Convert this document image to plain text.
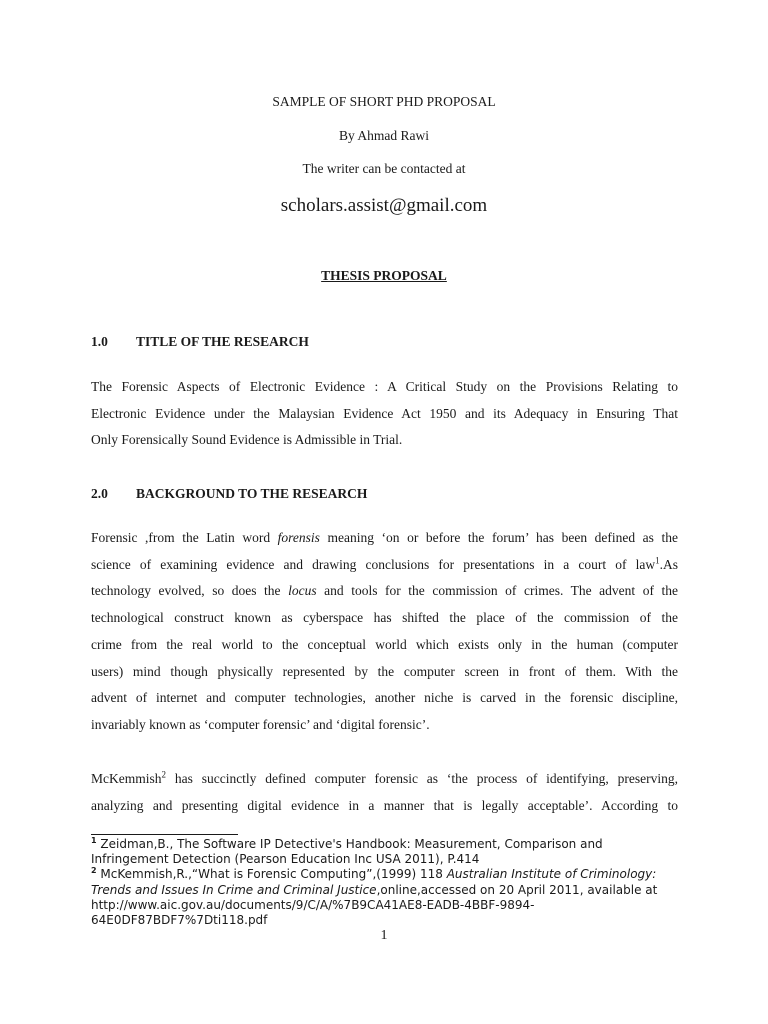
SAMPLE OF SHORT PHD PROPOSAL
By Ahmad Rawi
The writer can be contacted at
scholars.assist@gmail.com
THESIS PROPOSAL
1.0 TITLE OF THE RESEARCH
The Forensic Aspects of Electronic Evidence : A Critical Study on the Provisions Relating to
Electronic Evidence under the Malaysian Evidence Act 1950 and its Adequacy in Ensuring That
Only Forensically Sound Evidence is Admissible in Trial.
2.0 BACKGROUND TO THE RESEARCH
Forensic ,from the Latin word forensis meaning ‘on or before the forum’ has been defined as the
science of examining evidence and drawing conclusions for presentations in a court of law$^1$.As
technology evolved, so does the locus and tools for the commission of crimes. The advent of the
technological construct known as cyberspace has shifted the place of the commission of the
crime from the real world to the conceptual world which exists only in the human (computer
users) mind though physically represented by the computer screen in front of them. With the
advent of internet and computer technologies, another niche is carved in the forensic discipline,
invariably known as ‘computer forensic’ and ‘digital forensic’.
McKemmish$^2$ has succinctly defined computer forensic as ‘the process of identifying, preserving,
analyzing and presenting digital evidence in a manner that is legally acceptable’. According to
$^1$ Zeidman,B., The Software IP Detective's Handbook: Measurement, Comparison and Infringement Detection (Pearson Education Inc USA 2011), P.414
$^2$ McKemmish,R.,“What is Forensic Computing”,(1999) 118 Australian Institute of Criminology: Trends and Issues In Crime and Criminal Justice,online,accessed on 20 April 2011, available at http://www.aic.gov.au/documents/9/C/A/%7B9CA41AE8-EADB-4BBF-9894-64E0DF87BDF7%7Dti118.pdf
1
